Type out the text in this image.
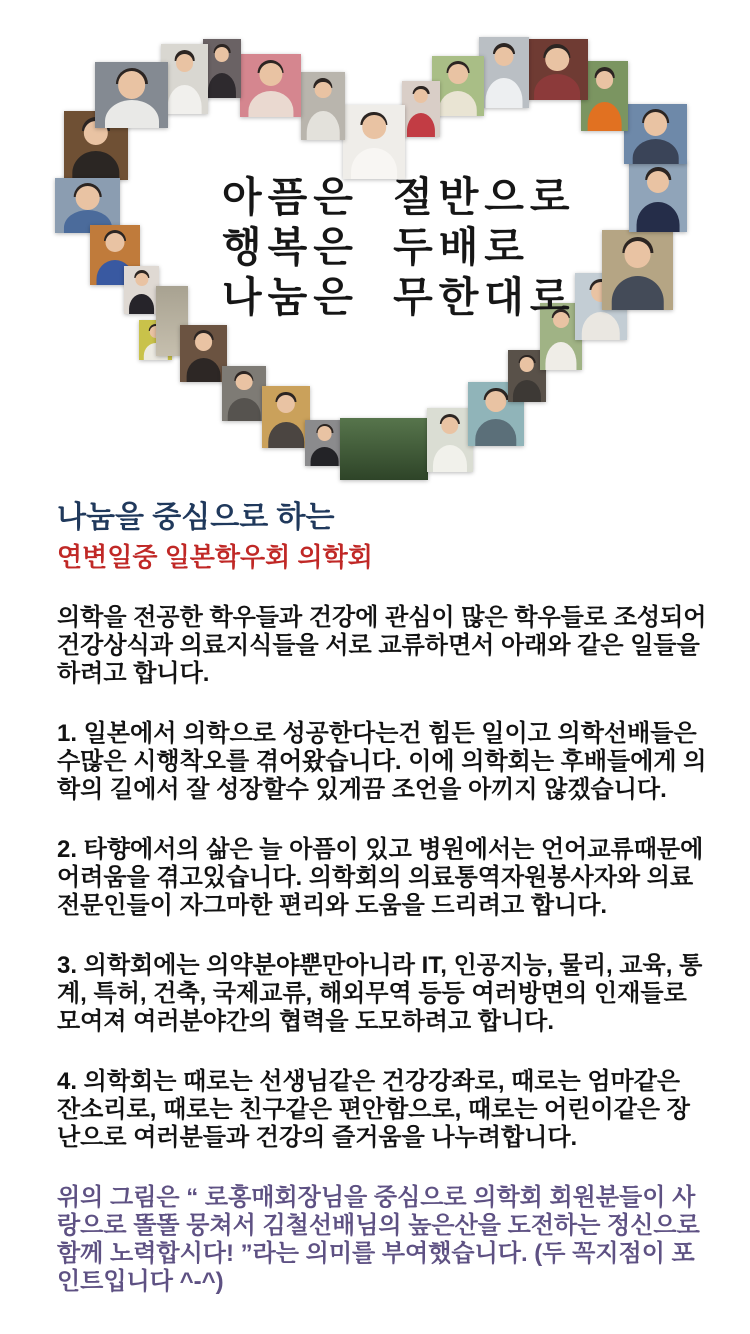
아픔은 절반으로
행복은 두배로
나눔은 무한대로
나눔을 중심으로 하는
연변일중 일본학우회 의학회

의학을 전공한 학우들과 건강에 관심이 많은 학우들로 조성되어 건강상식과 의료지식들을 서로 교류하면서 아래와 같은 일들을 하려고 합니다.

1. 일본에서 의학으로 성공한다는건 힘든 일이고 의학선배들은 수많은 시행착오를 겪어왔습니다. 이에 의학회는 후배들에게 의학의 길에서 잘 성장할수 있게끔 조언을 아끼지 않겠습니다.

2. 타향에서의 삶은 늘 아픔이 있고 병원에서는 언어교류때문에 어려움을 겪고있습니다. 의학회의 의료통역자원봉사자와 의료 전문인들이 자그마한 편리와 도움을 드리려고 합니다.

3. 의학회에는 의약분야뿐만아니라 IT, 인공지능, 물리, 교육, 통계, 특허, 건축, 국제교류, 해외무역 등등 여러방면의 인재들로 모여져 여러분야간의 협력을 도모하려고 합니다.

4. 의학회는 때로는 선생님같은 건강강좌로, 때로는 엄마같은 잔소리로, 때로는 친구같은 편안함으로, 때로는 어린이같은 장난으로 여러분들과 건강의 즐거움을 나누려합니다.

위의 그림은 “ 로홍매회장님을 중심으로 의학회 회원분들이 사랑으로 똘똘 뭉쳐서 김철선배님의 높은산을 도전하는 정신으로 함께 노력합시다! ”라는 의미를 부여했습니다. (두 꼭지점이 포인트입니다 ^-^)
